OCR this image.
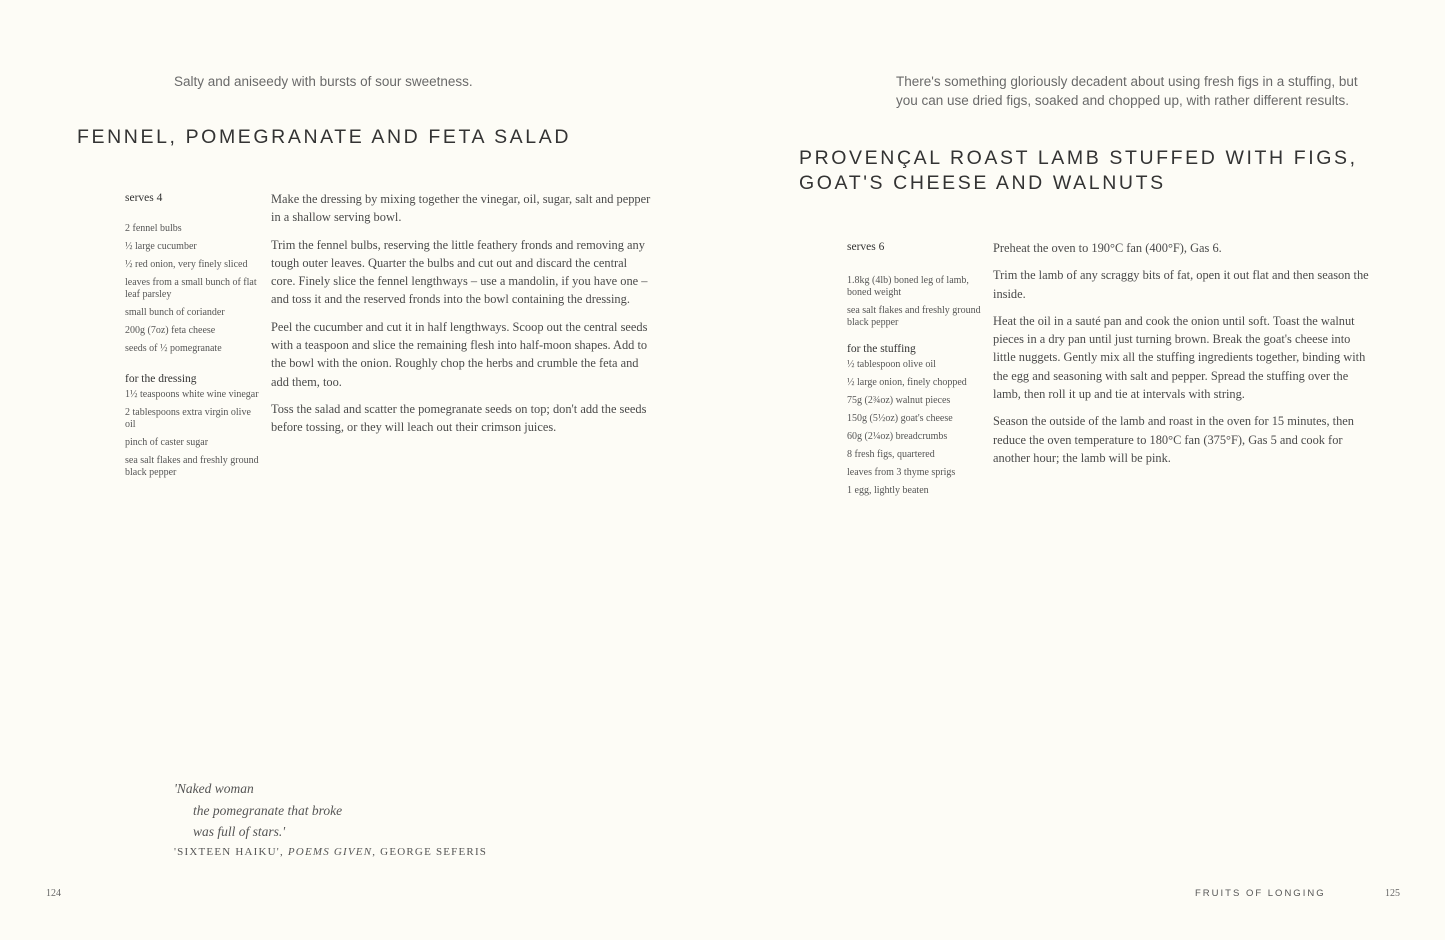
Salty and aniseedy with bursts of sour sweetness.
FENNEL, POMEGRANATE AND FETA SALAD
serves 4
2 fennel bulbs
½ large cucumber
½ red onion, very finely sliced
leaves from a small bunch of flat leaf parsley
small bunch of coriander
200g (7oz) feta cheese
seeds of ½ pomegranate
for the dressing
1½ teaspoons white wine vinegar
2 tablespoons extra virgin olive oil
pinch of caster sugar
sea salt flakes and freshly ground black pepper

Make the dressing by mixing together the vinegar, oil, sugar, salt and pepper in a shallow serving bowl.

Trim the fennel bulbs, reserving the little feathery fronds and removing any tough outer leaves. Quarter the bulbs and cut out and discard the central core. Finely slice the fennel lengthways – use a mandolin, if you have one – and toss it and the reserved fronds into the bowl containing the dressing.

Peel the cucumber and cut it in half lengthways. Scoop out the central seeds with a teaspoon and slice the remaining flesh into half-moon shapes. Add to the bowl with the onion. Roughly chop the herbs and crumble the feta and add them, too.

Toss the salad and scatter the pomegranate seeds on top; don't add the seeds before tossing, or they will leach out their crimson juices.

'Naked woman
the pomegranate that broke
was full of stars.'
'SIXTEEN HAIKU', POEMS GIVEN, GEORGE SEFERIS
124
There's something gloriously decadent about using fresh figs in a stuffing, but you can use dried figs, soaked and chopped up, with rather different results.
PROVENÇAL ROAST LAMB STUFFED WITH FIGS,
GOAT'S CHEESE AND WALNUTS
serves 6
1.8kg (4lb) boned leg of lamb, boned weight
sea salt flakes and freshly ground black pepper
for the stuffing
½ tablespoon olive oil
½ large onion, finely chopped
75g (2¾oz) walnut pieces
150g (5½oz) goat's cheese
60g (2¼oz) breadcrumbs
8 fresh figs, quartered
leaves from 3 thyme sprigs
1 egg, lightly beaten

Preheat the oven to 190°C fan (400°F), Gas 6.

Trim the lamb of any scraggy bits of fat, open it out flat and then season the inside.

Heat the oil in a sauté pan and cook the onion until soft. Toast the walnut pieces in a dry pan until just turning brown. Break the goat's cheese into little nuggets. Gently mix all the stuffing ingredients together, binding with the egg and seasoning with salt and pepper. Spread the stuffing over the lamb, then roll it up and tie at intervals with string.

Season the outside of the lamb and roast in the oven for 15 minutes, then reduce the oven temperature to 180°C fan (375°F), Gas 5 and cook for another hour; the lamb will be pink.

FRUITS OF LONGING	125
